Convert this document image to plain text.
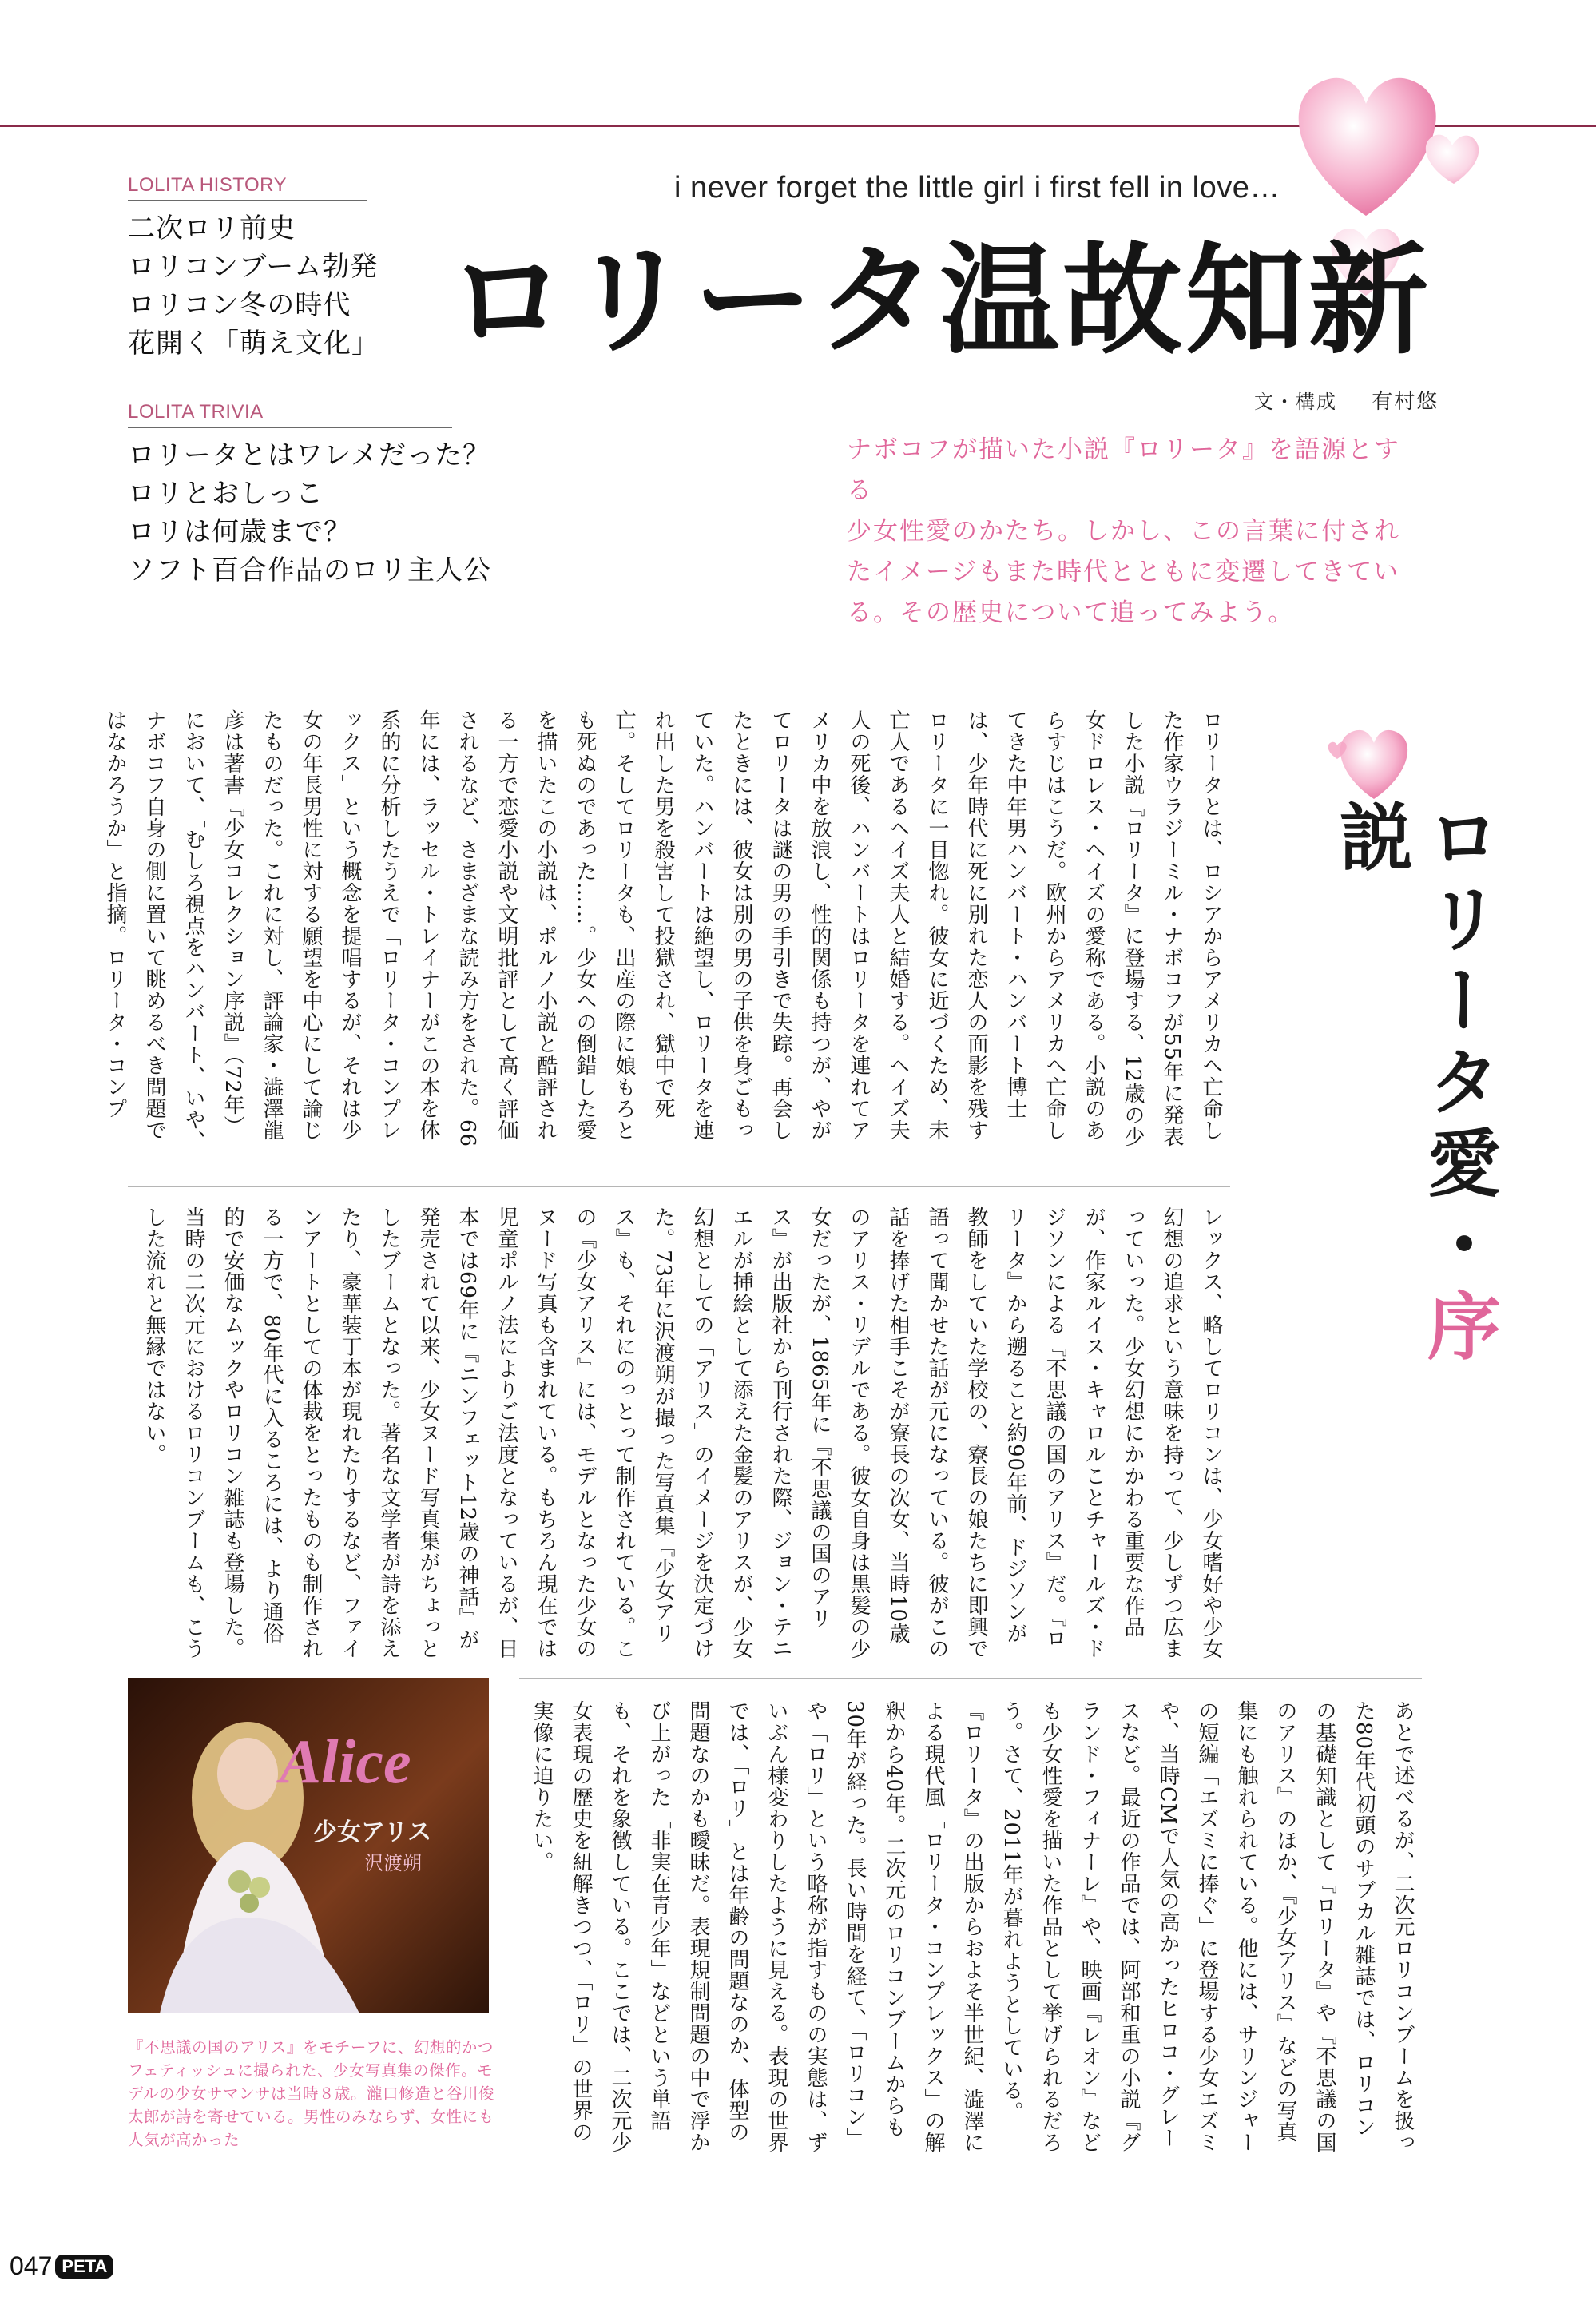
LOLITA HISTORY
二次ロリ前史
ロリコンブーム勃発
ロリコン冬の時代
花開く「萌え文化」
LOLITA TRIVIA
ロリータとはワレメだった？
ロリとおしっこ
ロリは何歳まで？
ソフト百合作品のロリ主人公
i never forget the little girl i first fell in love…
ロリータ温故知新
文・構成 有村悠
ナボコフが描いた小説『ロリータ』を語源とする
少女性愛のかたち。しかし、この言葉に付され
たイメージもまた時代とともに変遷してきてい
る。その歴史について追ってみよう。
ロリータ愛・序説
ロリータとは、ロシアからアメリカへ亡命した作家ウラジーミル・ナボコフが55年に発表した小説『ロリータ』に登場する、12歳の少女ドロレス・ヘイズの愛称である。小説のあらすじはこうだ。欧州からアメリカへ亡命してきた中年男ハンバート・ハンバート博士は、少年時代に死に別れた恋人の面影を残すロリータに一目惚れ。彼女に近づくため、未亡人であるヘイズ夫人と結婚する。ヘイズ夫人の死後、ハンバートはロリータを連れてアメリカ中を放浪し、性的関係も持つが、やがてロリータは謎の男の手引きで失踪。再会したときには、彼女は別の男の子供を身ごもっていた。ハンバートは絶望し、ロリータを連れ出した男を殺害して投獄され、獄中で死亡。そしてロリータも、出産の際に娘もろとも死ぬのであった……。少女への倒錯した愛を描いたこの小説は、ポルノ小説と酷評される一方で恋愛小説や文明批評として高く評価されるなど、さまざまな読み方をされた。66年には、ラッセル・トレイナーがこの本を体系的に分析したうえで「ロリータ・コンプレックス」という概念を提唱するが、それは少女の年長男性に対する願望を中心にして論じたものだった。これに対し、評論家・澁澤龍彦は著書『少女コレクション序説』（72年）において、「むしろ視点をハンバート、いや、ナボコフ自身の側に置いて眺めるべき問題ではなかろうか」と指摘。ロリータ・コンプ
レックス、略してロリコンは、少女嗜好や少女幻想の追求という意味を持って、少しずつ広まっていった。少女幻想にかかわる重要な作品が、作家ルイス・キャロルことチャールズ・ドジソンによる『不思議の国のアリス』だ。『ロリータ』から遡ること約90年前、ドジソンが教師をしていた学校の、寮長の娘たちに即興で語って聞かせた話が元になっている。彼がこの話を捧げた相手こそが寮長の次女、当時10歳のアリス・リデルである。彼女自身は黒髪の少女だったが、1865年に『不思議の国のアリス』が出版社から刊行された際、ジョン・テニエルが挿絵として添えた金髪のアリスが、少女幻想としての「アリス」のイメージを決定づけた。73年に沢渡朔が撮った写真集『少女アリス』も、それにのっとって制作されている。この『少女アリス』には、モデルとなった少女のヌード写真も含まれている。もちろん現在では児童ポルノ法によりご法度となっているが、日本では69年に『ニンフェット12歳の神話』が発売されて以来、少女ヌード写真集がちょっとしたブームとなった。著名な文学者が詩を添えたり、豪華装丁本が現れたりするなど、ファインアートとしての体裁をとったものも制作される一方で、80年代に入るころには、より通俗的で安価なムックやロリコン雑誌も登場した。当時の二次元におけるロリコンブームも、こうした流れと無縁ではない。
あとで述べるが、二次元ロリコンブームを扱った80年代初頭のサブカル雑誌では、ロリコンの基礎知識として『ロリータ』や『不思議の国のアリス』のほか、『少女アリス』などの写真集にも触れられている。他には、サリンジャーの短編「エズミに捧ぐ」に登場する少女エズミや、当時CMで人気の高かったヒロコ・グレースなど。最近の作品では、阿部和重の小説『グランド・フィナーレ』や、映画『レオン』なども少女性愛を描いた作品として挙げられるだろう。さて、2011年が暮れようとしている。『ロリータ』の出版からおよそ半世紀、澁澤による現代風「ロリータ・コンプレックス」の解釈から40年。二次元のロリコンブームからも30年が経った。長い時間を経て、「ロリコン」や「ロリ」という略称が指すものの実態は、ずいぶん様変わりしたように見える。表現の世界では、「ロリ」とは年齢の問題なのか、体型の問題なのかも曖昧だ。表現規制問題の中で浮かび上がった「非実在青少年」などという単語も、それを象徴している。ここでは、二次元少女表現の歴史を紐解きつつ、「ロリ」の世界の実像に迫りたい。
Alice
少女アリス
沢渡朔
『不思議の国のアリス』をモチーフに、幻想的かつフェティッシュに撮られた、少女写真集の傑作。モデルの少女サマンサは当時８歳。瀧口修造と谷川俊太郎が詩を寄せている。男性のみならず、女性にも人気が高かった
047 PETA
